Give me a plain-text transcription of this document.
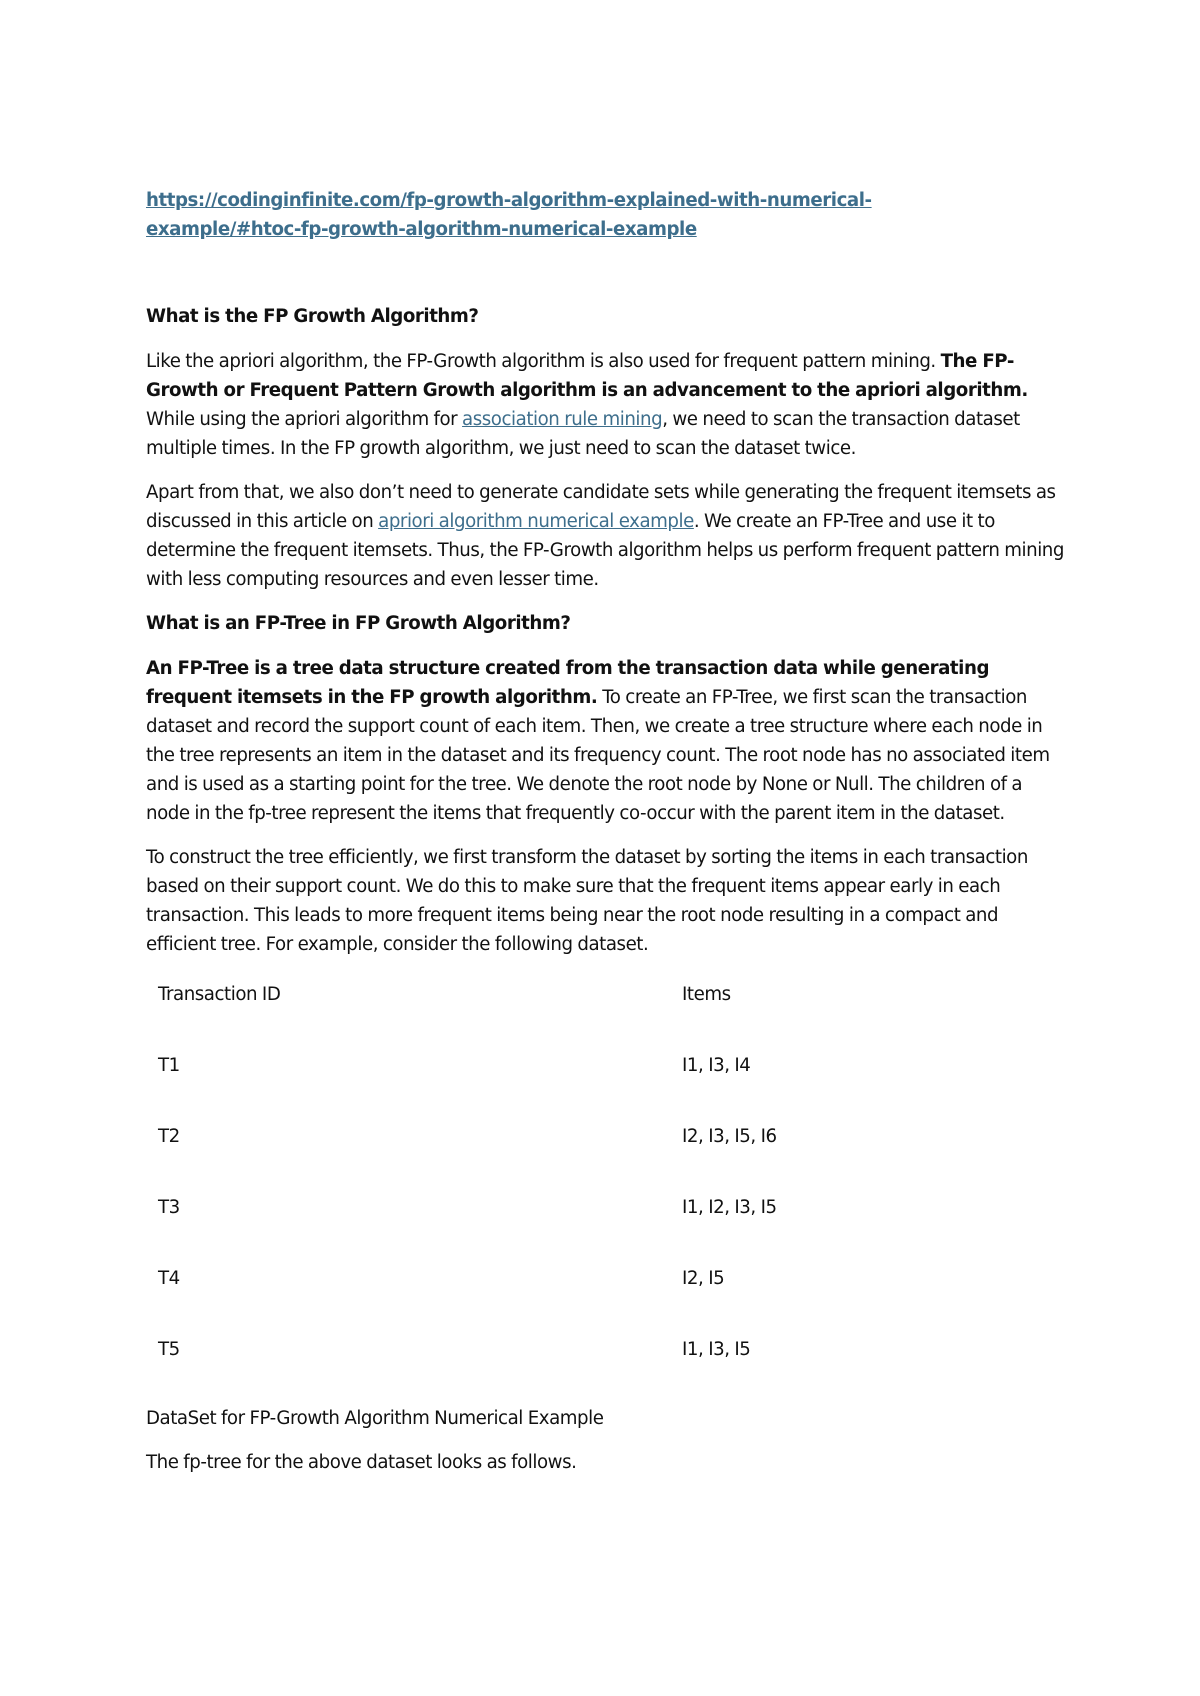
https://codinginfinite.com/fp-growth-algorithm-explained-with-numerical-
example/#htoc-fp-growth-algorithm-numerical-example
What is the FP Growth Algorithm?

Like the apriori algorithm, the FP-Growth algorithm is also used for frequent pattern mining. The FP-Growth or Frequent Pattern Growth algorithm is an advancement to the apriori algorithm. While using the apriori algorithm for association rule mining, we need to scan the transaction dataset multiple times. In the FP growth algorithm, we just need to scan the dataset twice.

Apart from that, we also don’t need to generate candidate sets while generating the frequent itemsets as discussed in this article on apriori algorithm numerical example. We create an FP-Tree and use it to determine the frequent itemsets. Thus, the FP-Growth algorithm helps us perform frequent pattern mining with less computing resources and even lesser time.

What is an FP-Tree in FP Growth Algorithm?

An FP-Tree is a tree data structure created from the transaction data while generating frequent itemsets in the FP growth algorithm. To create an FP-Tree, we first scan the transaction dataset and record the support count of each item. Then, we create a tree structure where each node in the tree represents an item in the dataset and its frequency count. The root node has no associated item and is used as a starting point for the tree. We denote the root node by None or Null. The children of a node in the fp-tree represent the items that frequently co-occur with the parent item in the dataset.

To construct the tree efficiently, we first transform the dataset by sorting the items in each transaction based on their support count. We do this to make sure that the frequent items appear early in each transaction. This leads to more frequent items being near the root node resulting in a compact and efficient tree. For example, consider the following dataset.

Transaction ID	Items
T1	I1, I3, I4
T2	I2, I3, I5, I6
T3	I1, I2, I3, I5
T4	I2, I5
T5	I1, I3, I5

DataSet for FP-Growth Algorithm Numerical Example

The fp-tree for the above dataset looks as follows.
